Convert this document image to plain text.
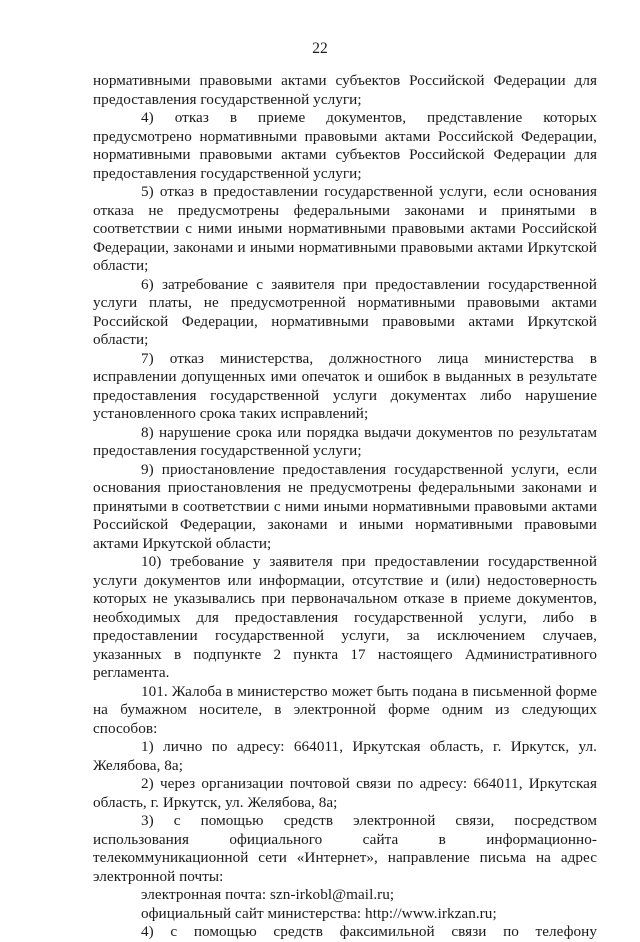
22

нормативными правовыми актами субъектов Российской Федерации для предоставления государственной услуги;

4) отказ в приеме документов, представление которых предусмотрено нормативными правовыми актами Российской Федерации, нормативными правовыми актами субъектов Российской Федерации для предоставления государственной услуги;

5) отказ в предоставлении государственной услуги, если основания отказа не предусмотрены федеральными законами и принятыми в соответствии с ними иными нормативными правовыми актами Российской Федерации, законами и иными нормативными правовыми актами Иркутской области;

6) затребование с заявителя при предоставлении государственной услуги платы, не предусмотренной нормативными правовыми актами Российской Федерации, нормативными правовыми актами Иркутской области;

7) отказ министерства, должностного лица министерства в исправлении допущенных ими опечаток и ошибок в выданных в результате предоставления государственной услуги документах либо нарушение установленного срока таких исправлений;

8) нарушение срока или порядка выдачи документов по результатам предоставления государственной услуги;

9) приостановление предоставления государственной услуги, если основания приостановления не предусмотрены федеральными законами и принятыми в соответствии с ними иными нормативными правовыми актами Российской Федерации, законами и иными нормативными правовыми актами Иркутской области;

10) требование у заявителя при предоставлении государственной услуги документов или информации, отсутствие и (или) недостоверность которых не указывались при первоначальном отказе в приеме документов, необходимых для предоставления государственной услуги, либо в предоставлении государственной услуги, за исключением случаев, указанных в подпункте 2 пункта 17 настоящего Административного регламента.

101. Жалоба в министерство может быть подана в письменной форме на бумажном носителе, в электронной форме одним из следующих способов:

1) лично по адресу: 664011, Иркутская область, г. Иркутск, ул. Желябова, 8а;

2) через организации почтовой связи по адресу: 664011, Иркутская область, г. Иркутск, ул. Желябова, 8а;

3) с помощью средств электронной связи, посредством использования официального сайта в информационно-телекоммуникационной сети «Интернет», направление письма на адрес электронной почты:

электронная почта: szn-irkobl@mail.ru;

официальный сайт министерства: http://www.irkzan.ru;

4) с помощью средств факсимильной связи по телефону
